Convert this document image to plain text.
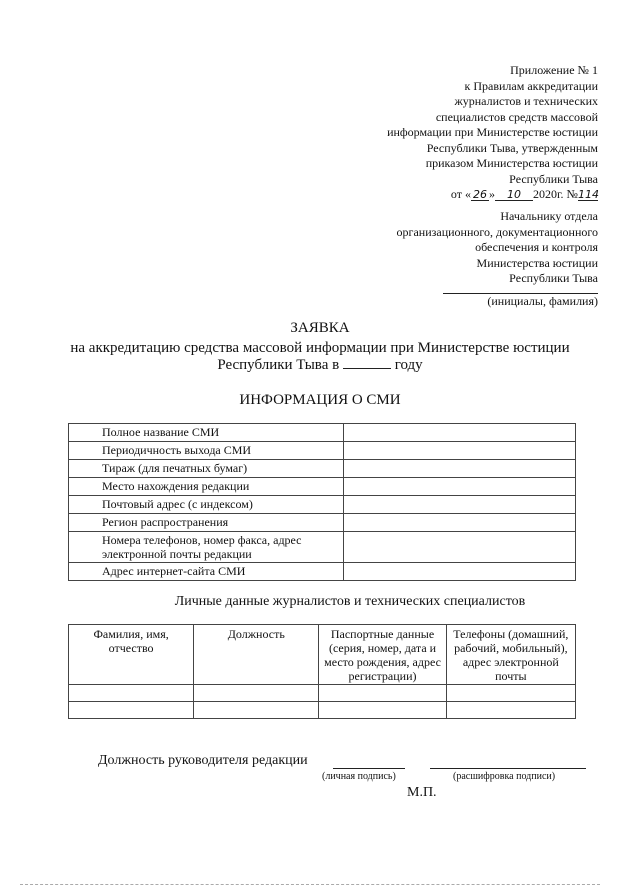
Приложение № 1
к Правилам аккредитации
журналистов и технических
специалистов средств массовой
информации при Министерстве юстиции
Республики Тыва, утвержденным
приказом Министерства юстиции
Республики Тыва
от « 26 » 10 2020г. №114
Начальнику отдела
организационного, документационного
обеспечения и контроля
Министерства юстиции
Республики Тыва
(инициалы, фамилия)
ЗАЯВКА
на аккредитацию средства массовой информации при Министерстве юстиции
Республики Тыва в	году
ИНФОРМАЦИЯ О СМИ
Полное название СМИ	
Периодичность выхода СМИ	
Тираж (для печатных бумаг)	
Место нахождения редакции	
Почтовый адрес (с индексом)	
Регион распространения	
Номера телефонов, номер факса, адрес электронной почты редакции	
Адрес интернет-сайта СМИ	
Личные данные журналистов и технических специалистов
Фамилия, имя, отчество	Должность	Паспортные данные (серия, номер, дата и место рождения, адрес регистрации)	Телефоны (домашний, рабочий, мобильный), адрес электронной почты

Должность руководителя редакции
(личная подпись)	(расшифровка подписи)
М.П.
